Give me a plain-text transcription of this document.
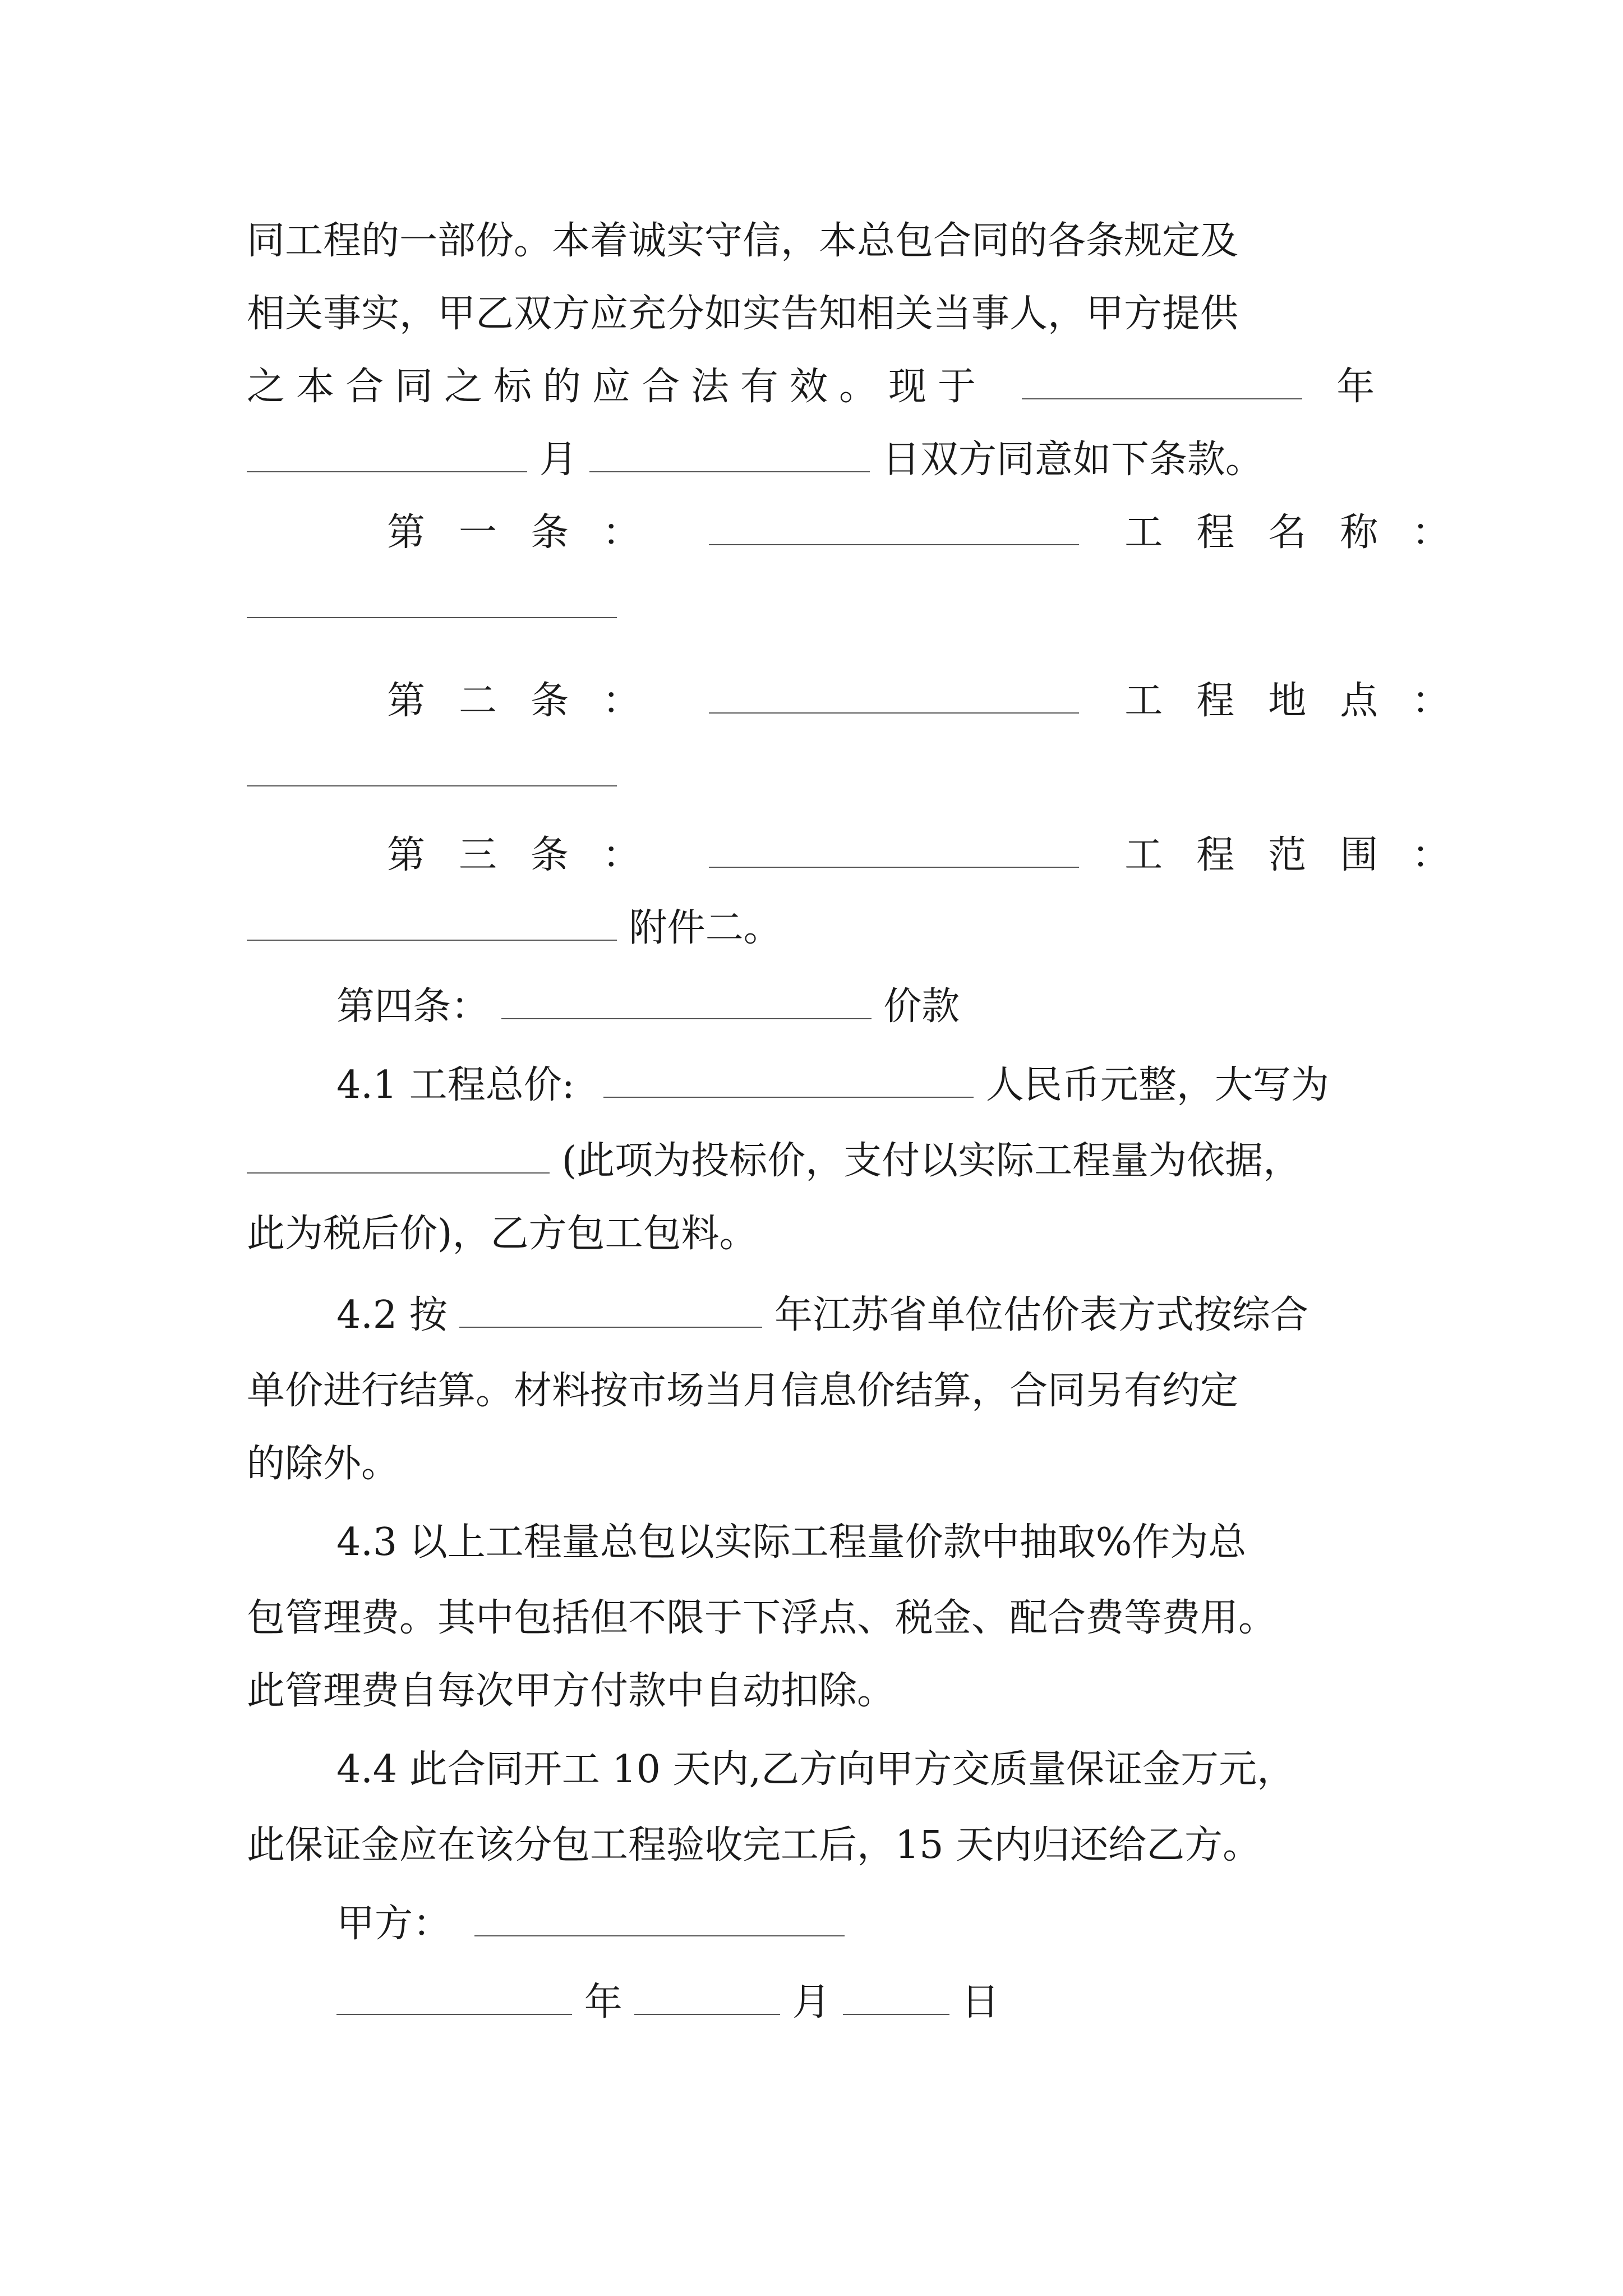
同工程的一部份。本着诚实守信，本总包合同的各条规定及
相关事实，甲乙双方应充分如实告知相关当事人，甲方提供
之本合同之标的应合法有效。现于	年
月	日双方同意如下条款。
第一条：	工程名称：
第二条：	工程地点：
第三条：	工程范围：
附件二。
第四条：	价款
4.1 工程总价:	人民币元整，大写为
(此项为投标价，支付以实际工程量为依据，
此为税后价)，乙方包工包料。
4.2 按	年江苏省单位估价表方式按综合
单价进行结算。材料按市场当月信息价结算，合同另有约定
的除外。
4.3 以上工程量总包以实际工程量价款中抽取%作为总
包管理费。其中包括但不限于下浮点、税金、配合费等费用。
此管理费自每次甲方付款中自动扣除。
4.4 此合同开工 10 天内,乙方向甲方交质量保证金万元，
此保证金应在该分包工程验收完工后，15 天内归还给乙方。
甲方：
年	月	日
